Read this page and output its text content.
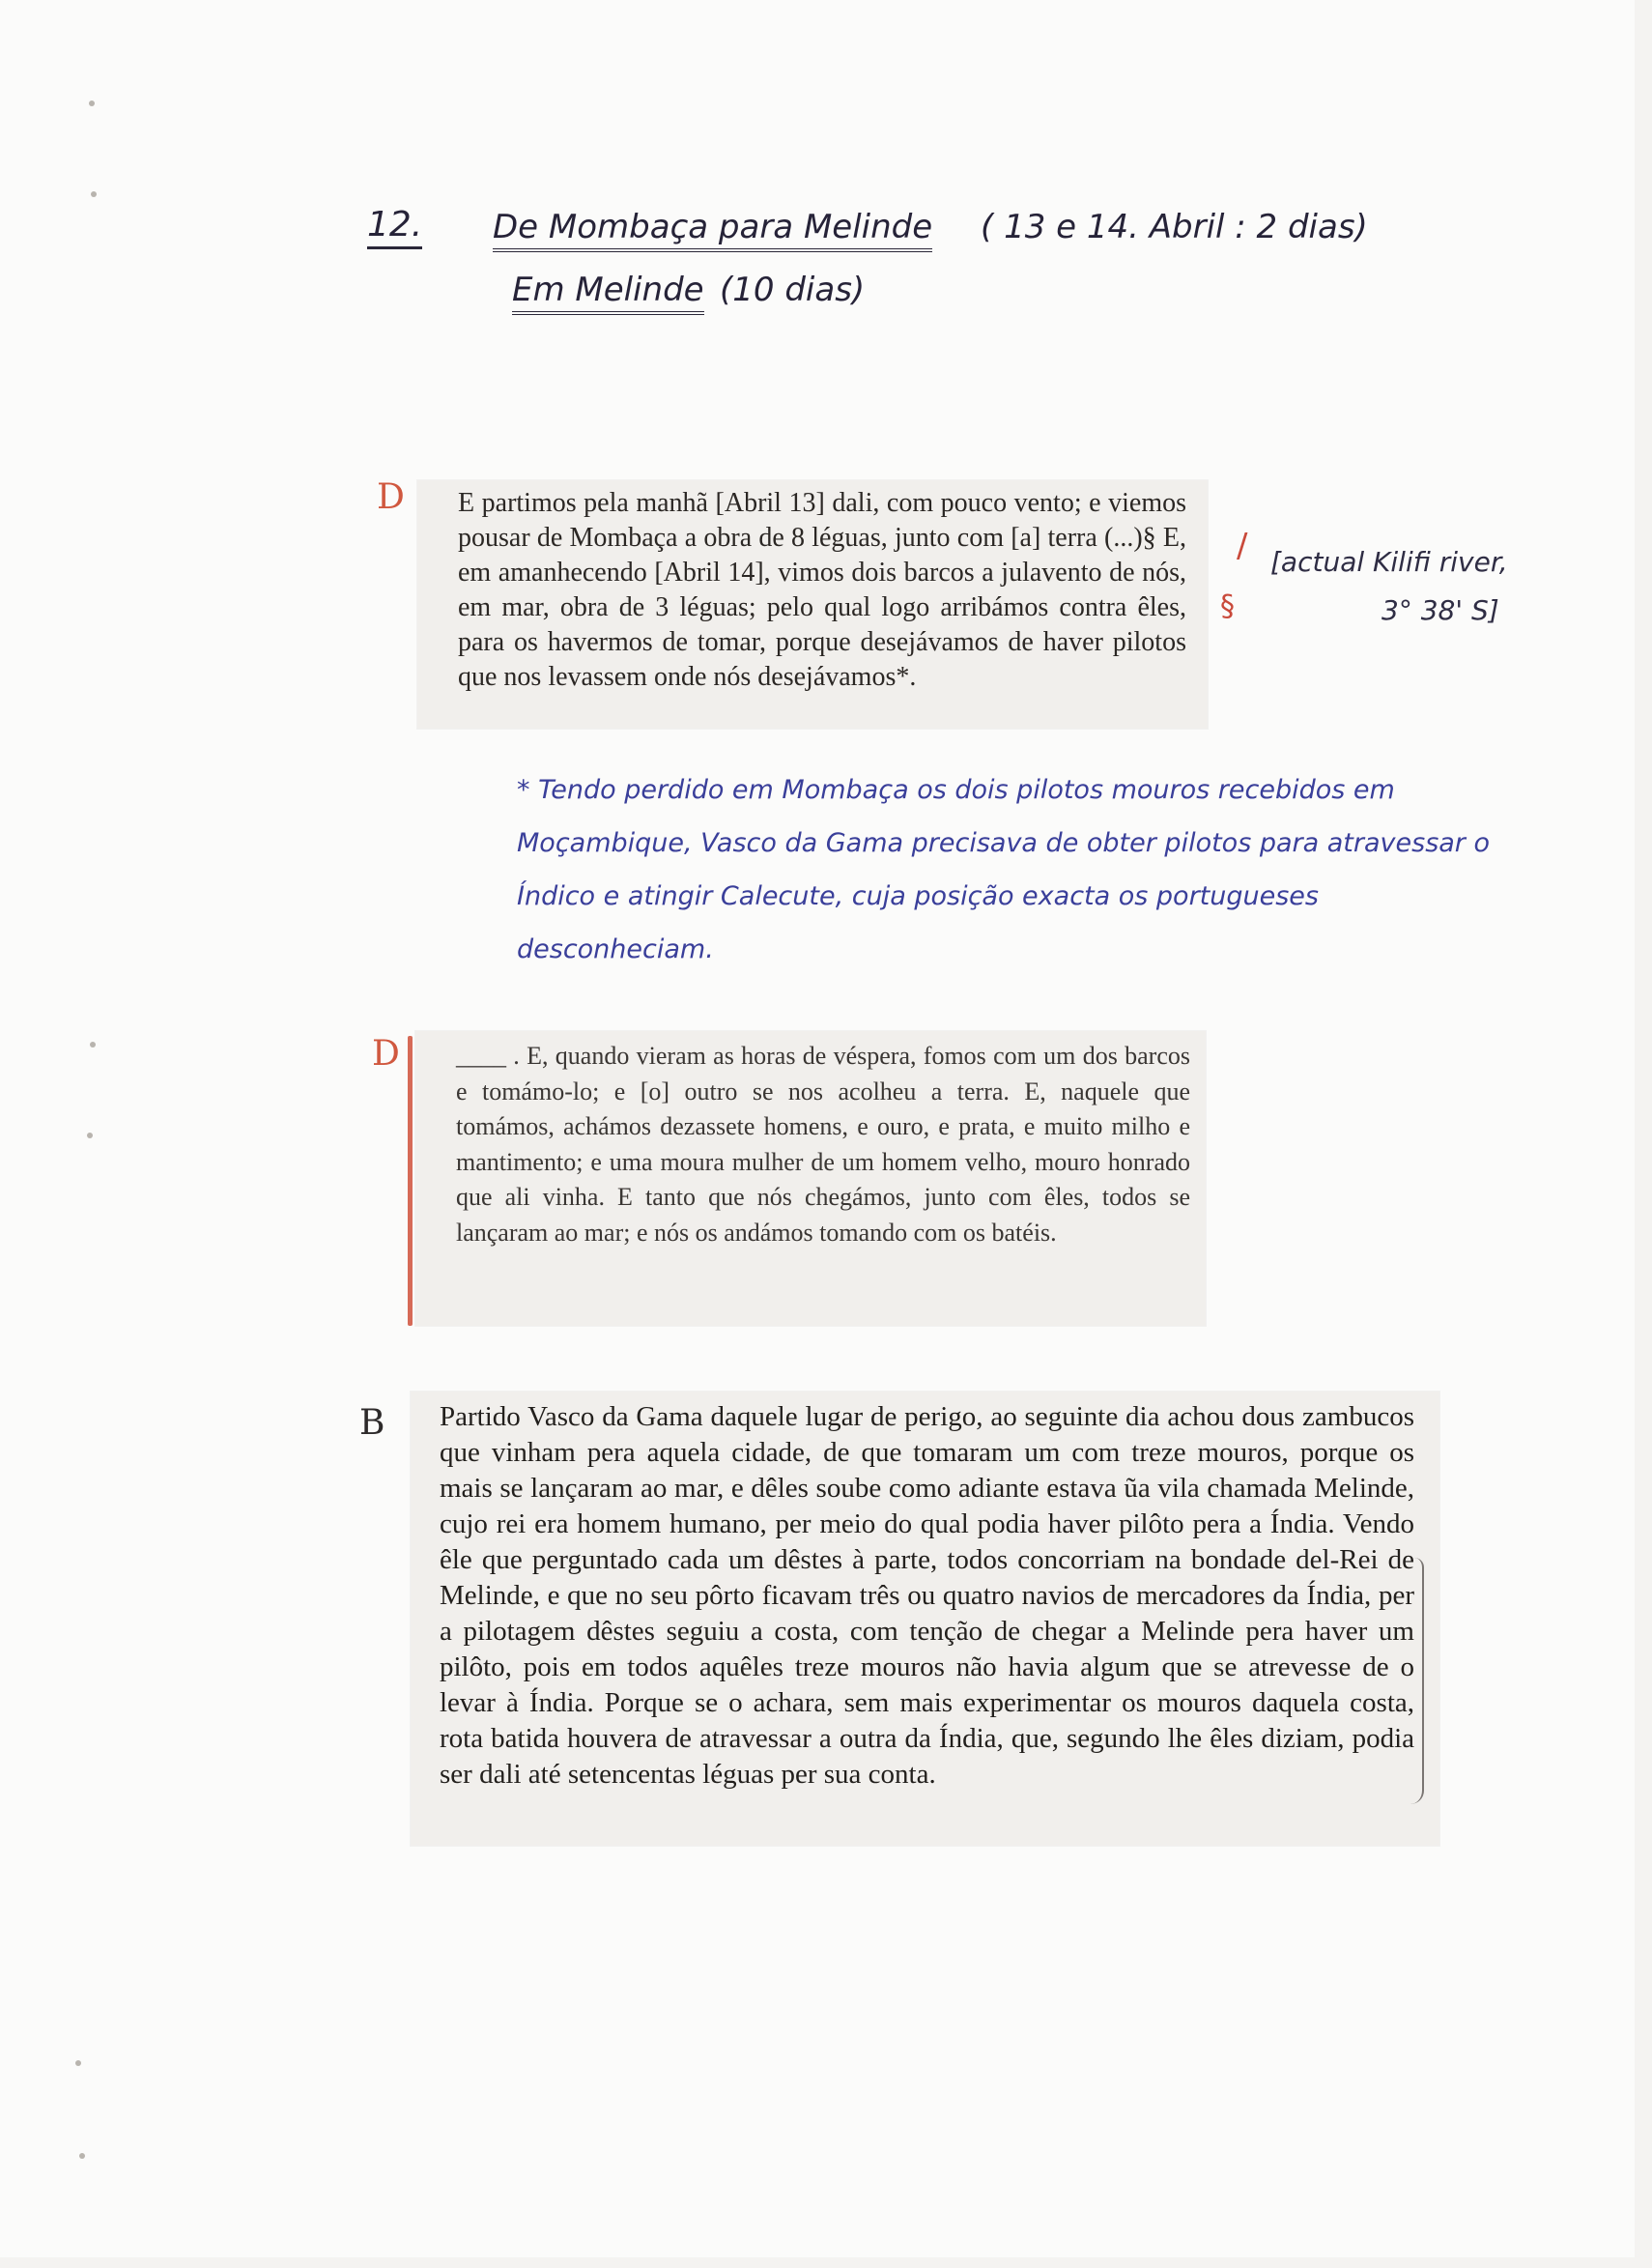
12. De Mombaça para Melinde ( 13 e 14. Abril : 2 dias)
Em Melinde (10 dias)
D	E partimos pela manhã [Abril 13] dali, com pouco vento; e viemos pousar de Mombaça a obra de 8 léguas, junto com [a] terra (...)§ E, em amanhecendo [Abril 14], vimos dois barcos a julavento de nós, em mar, obra de 3 léguas; pelo qual logo arribámos contra êles, para os havermos de tomar, porque desejávamos de haver pilotos que nos levassem onde nós desejávamos*.

/
§
[actual Kilifi river,
3° 38' S]
* Tendo perdido em Mombaça os dois pilotos mouros recebidos em Moçambique, Vasco da Gama precisava de obter pilotos para atravessar o Índico e atingir Calecute, cuja posição exacta os portugueses desconheciam.
D	____ . E, quando vieram as horas de véspera, fomos com um dos barcos e tomámo-lo; e [o] outro se nos acolheu a terra. E, naquele que tomámos, achámos dezassete homens, e ouro, e prata, e muito milho e mantimento; e uma moura mulher de um homem velho, mouro honrado que ali vinha. E tanto que nós chegámos, junto com êles, todos se lançaram ao mar; e nós os andámos tomando com os batéis.

B	Partido Vasco da Gama daquele lugar de perigo, ao seguinte dia achou dous zambucos que vinham pera aquela cidade, de que tomaram um com treze mouros, porque os mais se lançaram ao mar, e dêles soube como adiante estava ũa vila chamada Melinde, cujo rei era homem humano, per meio do qual podia haver pilôto pera a Índia. Vendo êle que perguntado cada um dêstes à parte, todos concorriam na bondade del-Rei de Melinde, e que no seu pôrto ficavam três ou quatro navios de mercadores da Índia, per a pilotagem dêstes seguiu a costa, com tenção de chegar a Melinde pera haver um pilôto, pois em todos aquêles treze mouros não havia algum que se atrevesse de o levar à Índia. Porque se o achara, sem mais experimentar os mouros daquela costa, rota batida houvera de atravessar a outra da Índia, que, segundo lhe êles diziam, podia ser dali até setencentas léguas per sua conta.
